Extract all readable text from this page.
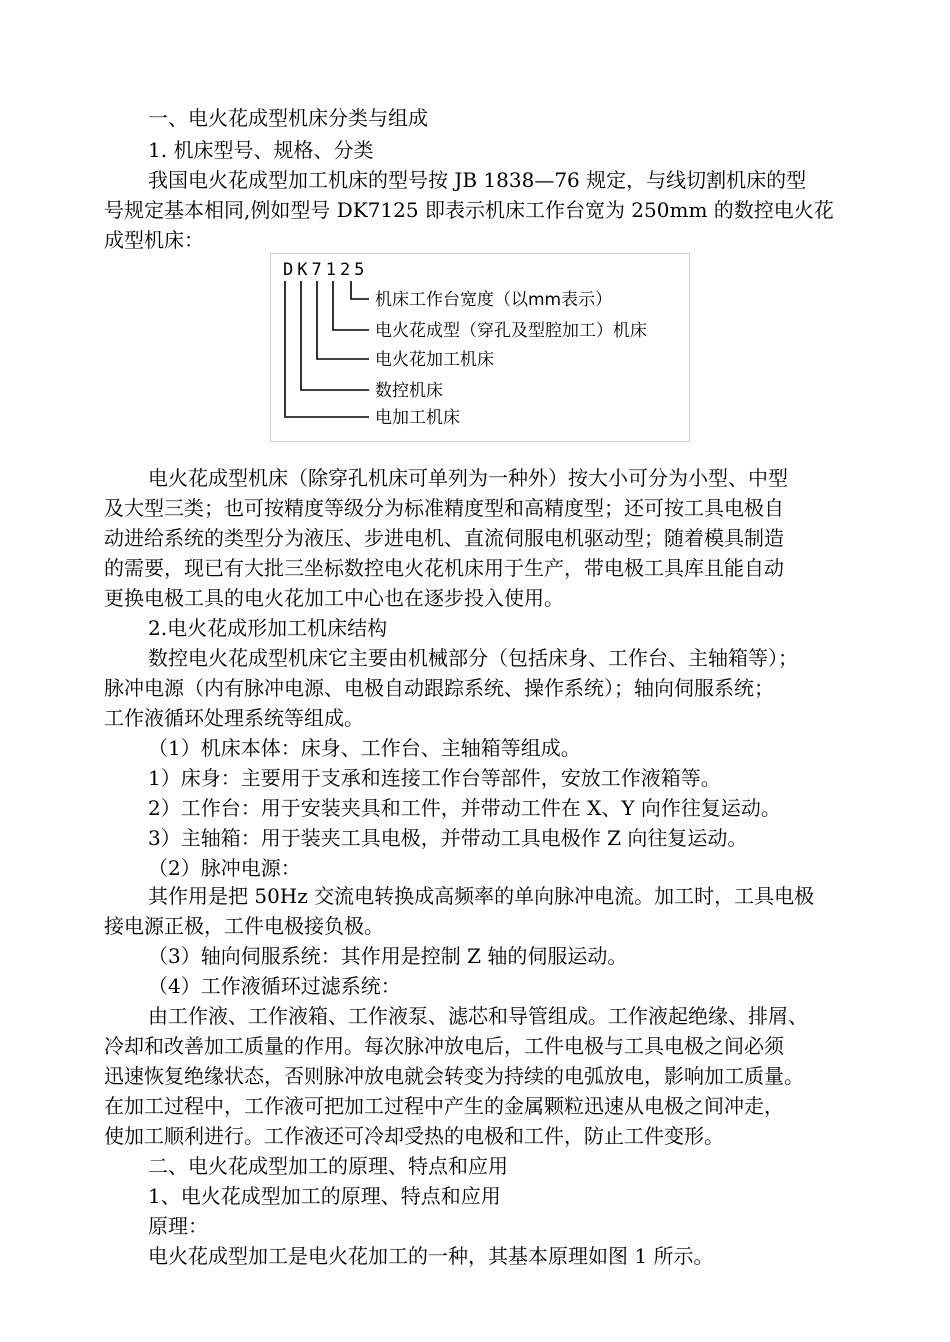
一、电火花成型机床分类与组成
1. 机床型号、规格、分类
我国电火花成型加工机床的型号按 JB 1838—76 规定，与线切割机床的型
号规定基本相同,例如型号 DK7125 即表示机床工作台宽为 250mm 的数控电火花
成型机床：
DK7125
机床工作台宽度（以mm表示）
电火花成型（穿孔及型腔加工）机床
电火花加工机床
数控机床
电加工机床
电火花成型机床（除穿孔机床可单列为一种外）按大小可分为小型、中型
及大型三类；也可按精度等级分为标准精度型和高精度型；还可按工具电极自
动进给系统的类型分为液压、步进电机、直流伺服电机驱动型；随着模具制造
的需要，现已有大批三坐标数控电火花机床用于生产，带电极工具库且能自动
更换电极工具的电火花加工中心也在逐步投入使用。
2.电火花成形加工机床结构
数控电火花成型机床它主要由机械部分（包括床身、工作台、主轴箱等）；
脉冲电源（内有脉冲电源、电极自动跟踪系统、操作系统）；轴向伺服系统；
工作液循环处理系统等组成。
（1）机床本体：床身、工作台、主轴箱等组成。
1）床身：主要用于支承和连接工作台等部件，安放工作液箱等。
2）工作台：用于安装夹具和工件，并带动工件在 X、Y 向作往复运动。
3）主轴箱：用于装夹工具电极，并带动工具电极作 Z 向往复运动。
（2）脉冲电源：
其作用是把 50Hz 交流电转换成高频率的单向脉冲电流。加工时，工具电极
接电源正极，工件电极接负极。
（3）轴向伺服系统：其作用是控制 Z 轴的伺服运动。
（4）工作液循环过滤系统：
由工作液、工作液箱、工作液泵、滤芯和导管组成。工作液起绝缘、排屑、
冷却和改善加工质量的作用。每次脉冲放电后，工件电极与工具电极之间必须
迅速恢复绝缘状态，否则脉冲放电就会转变为持续的电弧放电，影响加工质量。
在加工过程中，工作液可把加工过程中产生的金属颗粒迅速从电极之间冲走，
使加工顺利进行。工作液还可冷却受热的电极和工件，防止工件变形。
二、电火花成型加工的原理、特点和应用
1、电火花成型加工的原理、特点和应用
原理：
电火花成型加工是电火花加工的一种，其基本原理如图 1 所示。
